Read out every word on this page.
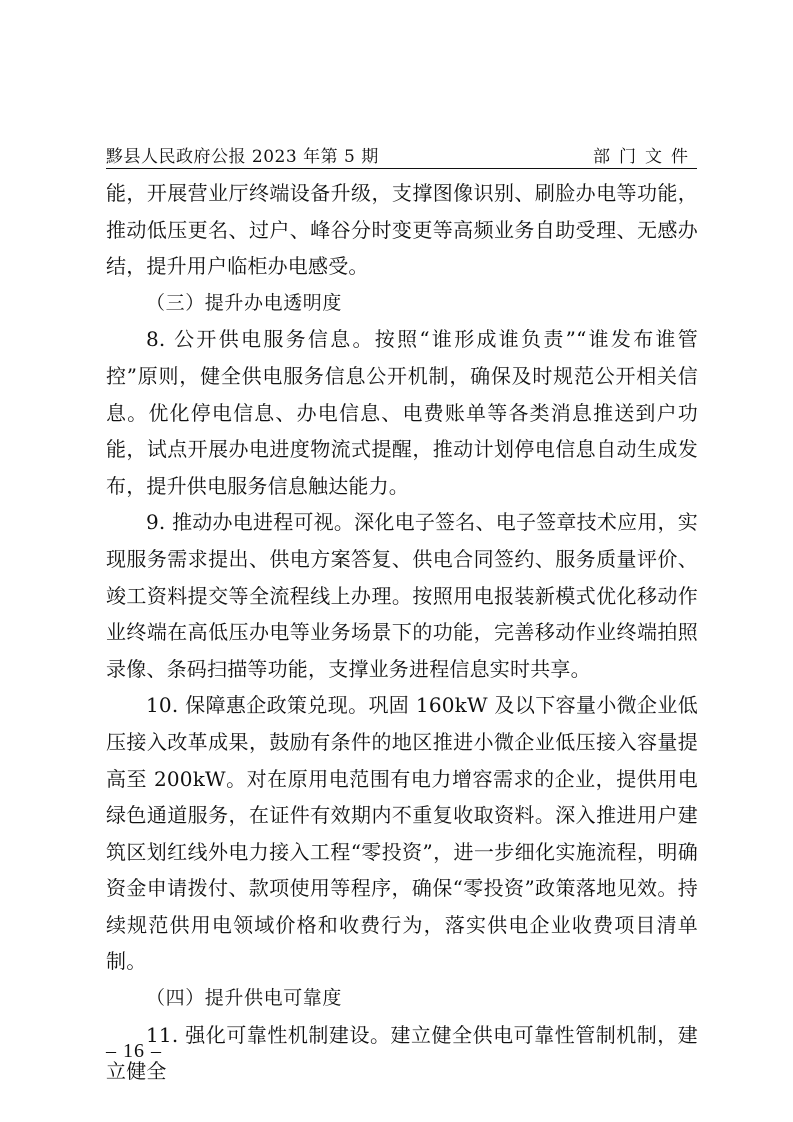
黟县人民政府公报 2023 年第 5 期	部门文件

能，开展营业厅终端设备升级，支撑图像识别、刷脸办电等功能，推动低压更名、过户、峰谷分时变更等高频业务自助受理、无感办结，提升用户临柜办电感受。

（三）提升办电透明度

8. 公开供电服务信息。按照“谁形成谁负责”“谁发布谁管控”原则，健全供电服务信息公开机制，确保及时规范公开相关信息。优化停电信息、办电信息、电费账单等各类消息推送到户功能，试点开展办电进度物流式提醒，推动计划停电信息自动生成发布，提升供电服务信息触达能力。

9. 推动办电进程可视。深化电子签名、电子签章技术应用，实现服务需求提出、供电方案答复、供电合同签约、服务质量评价、竣工资料提交等全流程线上办理。按照用电报装新模式优化移动作业终端在高低压办电等业务场景下的功能，完善移动作业终端拍照录像、条码扫描等功能，支撑业务进程信息实时共享。

10. 保障惠企政策兑现。巩固 160kW 及以下容量小微企业低压接入改革成果，鼓励有条件的地区推进小微企业低压接入容量提高至 200kW。对在原用电范围有电力增容需求的企业，提供用电绿色通道服务，在证件有效期内不重复收取资料。深入推进用户建筑区划红线外电力接入工程“零投资”，进一步细化实施流程，明确资金申请拨付、款项使用等程序，确保“零投资”政策落地见效。持续规范供用电领域价格和收费行为，落实供电企业收费项目清单制。

（四）提升供电可靠度

11. 强化可靠性机制建设。建立健全供电可靠性管制机制，建立健全

– 16 –
